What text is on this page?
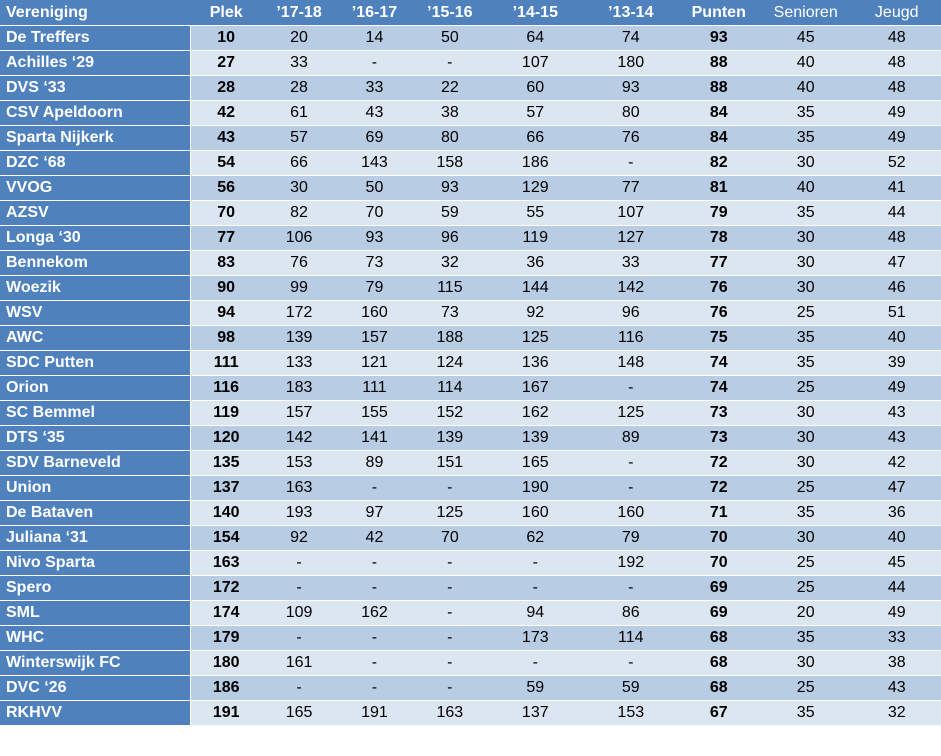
Vereniging	Plek	’17-18	’16-17	’15-16	’14-15	’13-14	Punten	Senioren	Jeugd
De Treffers	10	20	14	50	64	74	93	45	48
Achilles ‘29	27	33	-	-	107	180	88	40	48
DVS ‘33	28	28	33	22	60	93	88	40	48
CSV Apeldoorn	42	61	43	38	57	80	84	35	49
Sparta Nijkerk	43	57	69	80	66	76	84	35	49
DZC ‘68	54	66	143	158	186	-	82	30	52
VVOG	56	30	50	93	129	77	81	40	41
AZSV	70	82	70	59	55	107	79	35	44
Longa ‘30	77	106	93	96	119	127	78	30	48
Bennekom	83	76	73	32	36	33	77	30	47
Woezik	90	99	79	115	144	142	76	30	46
WSV	94	172	160	73	92	96	76	25	51
AWC	98	139	157	188	125	116	75	35	40
SDC Putten	111	133	121	124	136	148	74	35	39
Orion	116	183	111	114	167	-	74	25	49
SC Bemmel	119	157	155	152	162	125	73	30	43
DTS ‘35	120	142	141	139	139	89	73	30	43
SDV Barneveld	135	153	89	151	165	-	72	30	42
Union	137	163	-	-	190	-	72	25	47
De Bataven	140	193	97	125	160	160	71	35	36
Juliana ‘31	154	92	42	70	62	79	70	30	40
Nivo Sparta	163	-	-	-	-	192	70	25	45
Spero	172	-	-	-	-	-	69	25	44
SML	174	109	162	-	94	86	69	20	49
WHC	179	-	-	-	173	114	68	35	33
Winterswijk FC	180	161	-	-	-	-	68	30	38
DVC ‘26	186	-	-	-	59	59	68	25	43
RKHVV	191	165	191	163	137	153	67	35	32
